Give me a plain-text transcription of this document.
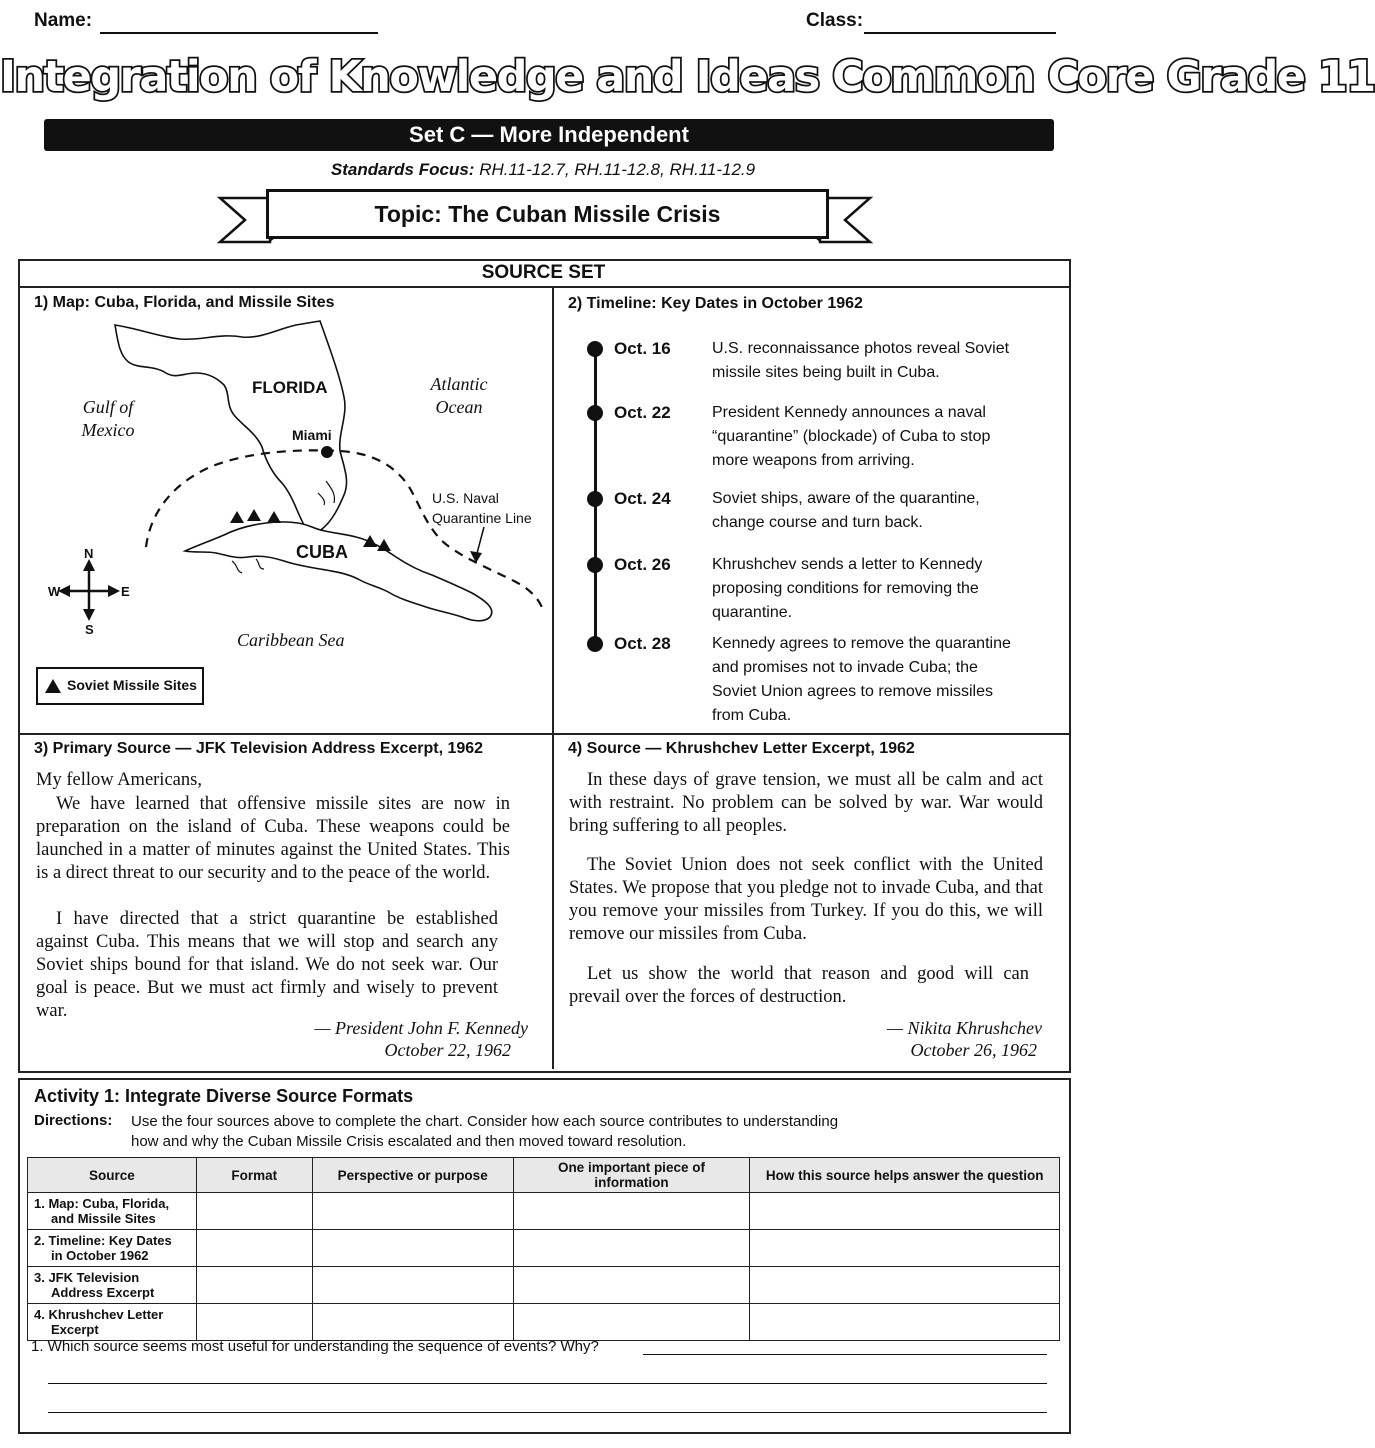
Name:	Class:
Integration of Knowledge and Ideas Common Core Grade 11
Set C — More Independent
Standards Focus: RH.11-12.7, RH.11-12.8, RH.11-12.9
Topic: The Cuban Missile Crisis
SOURCE SET
1) Map: Cuba, Florida, and Missile Sites
FLORIDA
Miami
Gulf of
Mexico
Atlantic
Ocean
U.S. Naval
Quarantine Line
CUBA
Caribbean Sea
N
S
W	E
Soviet Missile Sites
2) Timeline: Key Dates in October 1962
Oct. 16	U.S. reconnaissance photos reveal Soviet
missile sites being built in Cuba.
Oct. 22	President Kennedy announces a naval
“quarantine” (blockade) of Cuba to stop
more weapons from arriving.
Oct. 24	Soviet ships, aware of the quarantine,
change course and turn back.
Oct. 26	Khrushchev sends a letter to Kennedy
proposing conditions for removing the
quarantine.
Oct. 28	Kennedy agrees to remove the quarantine
and promises not to invade Cuba; the
Soviet Union agrees to remove missiles
from Cuba.
3) Primary Source — JFK Television Address Excerpt, 1962
My fellow Americans,
We have learned that offensive missile sites are now in preparation on the island of Cuba. These weapons could be launched in a matter of minutes against the United States. This is a direct threat to our security and to the peace of the world.
I have directed that a strict quarantine be established against Cuba. This means that we will stop and search any Soviet ships bound for that island. We do not seek war. Our goal is peace. But we must act firmly and wisely to prevent war.
— President John F. Kennedy
October 22, 1962
4) Source — Khrushchev Letter Excerpt, 1962
In these days of grave tension, we must all be calm and act with restraint. No problem can be solved by war. War would bring suffering to all peoples.
The Soviet Union does not seek conflict with the United States. We propose that you pledge not to invade Cuba, and that you remove your missiles from Turkey. If you do this, we will remove our missiles from Cuba.
Let us show the world that reason and good will can prevail over the forces of destruction.
— Nikita Khrushchev
October 26, 1962
Activity 1: Integrate Diverse Source Formats
Directions: Use the four sources above to complete the chart. Consider how each source contributes to understanding
how and why the Cuban Missile Crisis escalated and then moved toward resolution.
Source	Format	Perspective or purpose	One important piece of information	How this source helps answer the question

1. Map: Cuba, Florida,
and Missile Sites				

2. Timeline: Key Dates
in October 1962				

3. JFK Television
Address Excerpt				

4. Khrushchev Letter
Excerpt				

1. Which source seems most useful for understanding the sequence of events? Why?
